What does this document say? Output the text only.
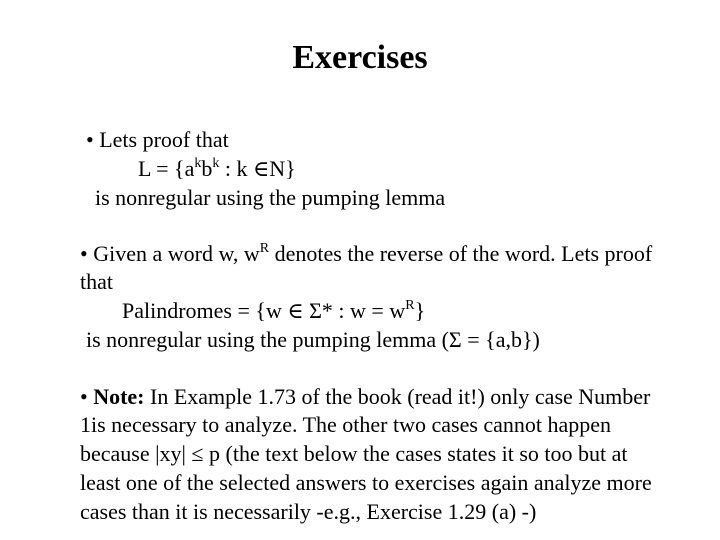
Exercises
• Lets proof that
$L = \{a^kb^k$ : k ∈N}
is nonregular using the pumping lemma
• Given a word w, $w^R$ denotes the reverse of the word. Lets proof
that
Palindromes = {w ∈ Σ* : $w = w^R$}
is nonregular using the pumping lemma (Σ = {a,b})
• Note: In Example 1.73 of the book (read it!) only case Number
1is necessary to analyze. The other two cases cannot happen
because |xy| ≤ p (the text below the cases states it so too but at
least one of the selected answers to exercises again analyze more
cases than it is necessarily -e.g., Exercise 1.29 (a) -)
